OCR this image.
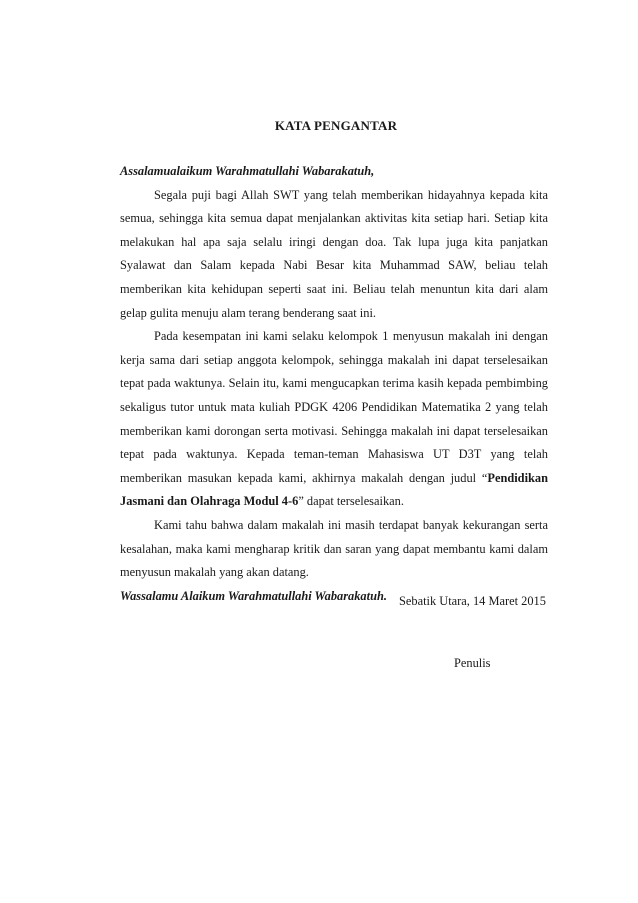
KATA PENGANTAR

Assalamualaikum Warahmatullahi Wabarakatuh,

Segala puji bagi Allah SWT yang telah memberikan hidayahnya kepada kita semua, sehingga kita semua dapat menjalankan aktivitas kita setiap hari. Setiap kita melakukan hal apa saja selalu iringi dengan doa. Tak lupa juga kita panjatkan Syalawat dan Salam kepada Nabi Besar kita Muhammad SAW, beliau telah memberikan kita kehidupan seperti saat ini. Beliau telah menuntun kita dari alam gelap gulita menuju alam terang benderang saat ini.

Pada kesempatan ini kami selaku kelompok 1 menyusun makalah ini dengan kerja sama dari setiap anggota kelompok, sehingga makalah ini dapat terselesaikan tepat pada waktunya. Selain itu, kami mengucapkan terima kasih kepada pembimbing sekaligus tutor untuk mata kuliah PDGK 4206 Pendidikan Matematika 2 yang telah memberikan kami dorongan serta motivasi. Sehingga makalah ini dapat terselesaikan tepat pada waktunya. Kepada teman-teman Mahasiswa UT D3T yang telah memberikan masukan kepada kami, akhirnya makalah dengan judul “Pendidikan Jasmani dan Olahraga Modul 4-6” dapat terselesaikan.

Kami tahu bahwa dalam makalah ini masih terdapat banyak kekurangan serta kesalahan, maka kami mengharap kritik dan saran yang dapat membantu kami dalam menyusun makalah yang akan datang.

Wassalamu Alaikum Warahmatullahi Wabarakatuh. Sebatik Utara, 14 Maret 2015
Penulis
